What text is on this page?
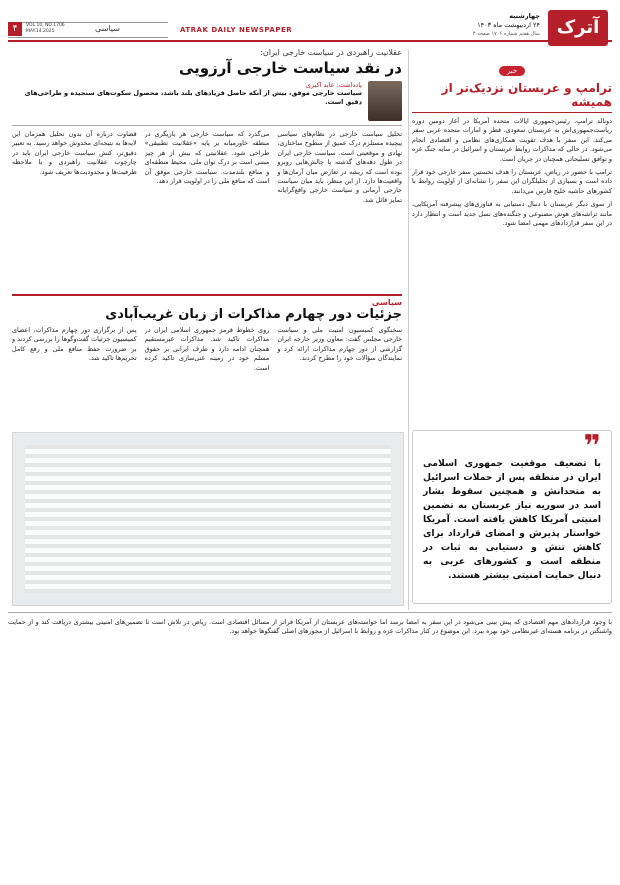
آترک
چهارشنبه
۲۴ اردیبهشت ماه ۱۴۰۳
سال هفتم شماره ۱۷۰۶ صفحه ۴
ATRAK DAILY NEWSPAPER
۴	VOL.10, NO.1706
MAY.14.2025	سیاسی
خبر
ترامپ و عربستان نزدیک‌تر از همیشه

دونالد ترامپ، رئیس‌جمهوری ایالات متحده آمریکا در آغاز دومین دوره ریاست‌جمهوری‌اش به عربستان سعودی، قطر و امارات متحده عربی سفر می‌کند. این سفر با هدف تقویت همکاری‌های نظامی و اقتصادی انجام می‌شود. در حالی که مذاکرات روابط عربستان و اسرائیل در سایه جنگ غزه و توافق تسلیحاتی همچنان در جریان است.

ترامپ با حضور در ریاض، عربستان را هدف نخستین سفر خارجی خود قرار داده است و بسیاری از تحلیلگران این سفر را نشانه‌ای از اولویت روابط با کشورهای حاشیه خلیج فارس می‌دانند.

از سوی دیگر عربستان با دنبال دستیابی به فناوری‌های پیشرفته آمریکایی، مانند تراشه‌های هوش مصنوعی و جنگنده‌های نسل جدید است و انتظار دارد در این سفر قراردادهای مهمی امضا شود.

❞
با تضعیف موقعیت جمهوری اسلامی ایران در منطقه پس از حملات اسرائیل به متحدانش و همچنین سقوط بشار اسد در سوریه نیاز عربستان به تضمین امنیتی آمریکا کاهش یافته است. آمریکا خواستار پذیرش و امضای قرارداد برای کاهش تنش و دستیابی به ثبات در منطقه است و کشورهای عربی به دنبال حمایت امنیتی بیشتر هستند.
با وجود قراردادهای مهم اقتصادی که پیش بینی می‌شود در این سفر به امضا برسد اما خواسته‌های عربستان از آمریکا فراتر از مسائل اقتصادی است. ریاض در تلاش است تا تضمین‌های امنیتی بیشتری دریافت کند و از حمایت واشنگتن در برنامه هسته‌ای غیرنظامی خود بهره ببرد. این موضوع در کنار مذاکرات غزه و روابط با اسرائیل از محورهای اصلی گفتگوها خواهد بود.
عقلانیت راهبردی در سیاست خارجی ایران:
در نقد سیاست خارجی آرزویی
یادداشت: عابد اکبری
سیاست خارجی موفق، بیش از آنکه حاصل فریادهای بلند باشد، محصول سکوت‌های سنجیده و طراحی‌های دقیق است.
تحلیل سیاست خارجی در نظام‌های سیاسی پیچیده مستلزم درک عمیق از سطوح ساختاری، نهادی و موقعیتی است. سیاست خارجی ایران در طول دهه‌های گذشته با چالش‌هایی روبرو بوده است که ریشه در تعارض میان آرمان‌ها و واقعیت‌ها دارد. از این منظر، باید میان سیاست خارجی آرمانی و سیاست خارجی واقع‌گرایانه تمایز قائل شد.
می‌گذرد که سیاست خارجی هر بازیگری در منطقه خاورمیانه بر پایه «عقلانیت تطبیقی» طراحی شود. عقلانیتی که بیش از هر چیز مبتنی است بر درک توان ملی، محیط منطقه‌ای و منافع بلندمدت. سیاست خارجی موفق آن است که منافع ملی را در اولویت قرار دهد.
قضاوت درباره آن بدون تحلیل همزمان این لایه‌ها به نتیجه‌ای مخدوش خواهد رسید. به تعبیر دقیق‌تر، کنش سیاست خارجی ایران باید در چارچوب عقلانیت راهبردی و با ملاحظه ظرفیت‌ها و محدودیت‌ها تعریف شود.
سیاسی
جزئیات دور چهارم مذاکرات از زبان غریب‌آبادی
سخنگوی کمیسیون امنیت ملی و سیاست خارجی مجلس گفت: معاون وزیر خارجه ایران گزارشی از دور چهارم مذاکرات ارائه کرد و نمایندگان سؤالات خود را مطرح کردند.
روی خطوط قرمز جمهوری اسلامی ایران در مذاکرات تاکید شد. مذاکرات غیرمستقیم همچنان ادامه دارد و طرف ایرانی بر حقوق مسلم خود در زمینه غنی‌سازی تاکید کرده است.
پس از برگزاری دور چهارم مذاکرات، اعضای کمیسیون جزئیات گفت‌وگوها را بررسی کردند و بر ضرورت حفظ منافع ملی و رفع کامل تحریم‌ها تاکید شد.
